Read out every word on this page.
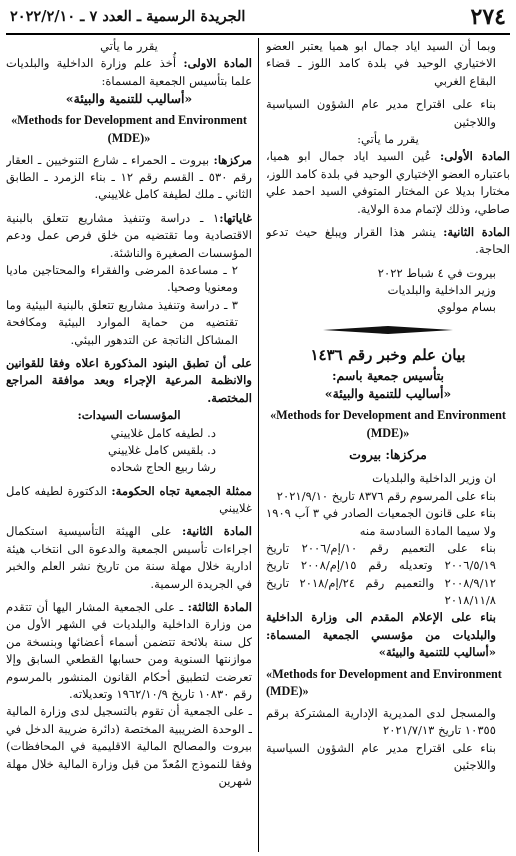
٢٧٤
الجريدة الرسمية ـ العدد ٧ ـ ٢٠٢٢/٢/١٠

وبما أن السيد اياد جمال ابو هميا يعتبر العضو الاختياري الوحيد في بلدة كامد اللوز ـ قضاء البقاع الغربي

بناء على اقتراح مدير عام الشؤون السياسية واللاجئين

يقرر ما يأتي:

المادة الأولى: عُين السيد اياد جمال ابو هميا، باعتباره العضو الإختياري الوحيد في بلدة كامد اللوز، مختارا بديلا عن المختار المتوفي السيد احمد علي صاطي، وذلك لإتمام مدة الولاية.

المادة الثانية: ينشر هذا القرار ويبلغ حيث تدعو الحاجة.

بيروت في ٤ شباط ٢٠٢٢

وزير الداخلية والبلديات

بسام مولوي

بيان علم وخبر رقم ١٤٣٦

بتأسيس جمعية باسم:

«أساليب للتنمية والبيئة»

«Methods for Development and Environment (MDE)»

مركزها: بيروت

ان وزير الداخلية والبلديات

بناء على المرسوم رقم ٨٣٧٦ تاريخ ٢٠٢١/٩/١٠

بناء على قانون الجمعيات الصادر في ٣ آب ١٩٠٩ ولا سيما المادة السادسة منه

بناء على التعميم رقم ١٠/إم/٢٠٠٦ تاريخ ٢٠٠٦/٥/١٩ وتعديله رقم ١٥/إم/٢٠٠٨ تاريخ ٢٠٠٨/٩/١٢ والتعميم رقم ٢٤/إم/٢٠١٨ تاريخ ٢٠١٨/١١/٨

بناء على الإعلام المقدم الى وزارة الداخلية والبلديات من مؤسسي الجمعية المسماة: «أساليب للتنمية والبيئة»

«Methods for Development and Environment (MDE)»

والمسجل لدى المديرية الإدارية المشتركة برقم ١٠٣٥٥ تاريخ ٢٠٢١/٧/١٣

بناء على اقتراح مدير عام الشؤون السياسية واللاجئين

يقرر ما يأتي

المادة الاولى: أُخذ علم وزارة الداخلية والبلديات علما بتأسيس الجمعية المسماة:

«أساليب للتنمية والبيئة»

«Methods for Development and Environment (MDE)»

مركزها: بيروت ـ الحمراء ـ شارع التنوخيين ـ العقار رقم ٥٣٠ ـ القسم رقم ١٢ ـ بناء الزمرد ـ الطابق الثاني ـ ملك لطيفة كامل غلاييني.

غاياتها:١ ـ دراسة وتنفيذ مشاريع تتعلق بالبنية الاقتصادية وما تقتضيه من خلق فرص عمل ودعم المؤسسات الصغيرة والناشئة.

٢ ـ مساعدة المرضى والفقراء والمحتاجين ماديا ومعنويا وصحيا.

٣ ـ دراسة وتنفيذ مشاريع تتعلق بالبنية البيئية وما تقتضيه من حماية الموارد البيئية ومكافحة المشاكل الناتجة عن التدهور البيئي.

على أن تطبق البنود المذكورة اعلاه وفقا للقوانين والانظمة المرعية الإجراء وبعد موافقة المراجع المختصة.

المؤسسات السيدات:

د. لطيفه كامل غلاييني

د. بلقيس كامل غلاييني

رشا ربيع الحاج شحاده

ممثلة الجمعية تجاه الحكومة: الدكتورة لطيفه كامل غلاييني

المادة الثانية: على الهيئة التأسيسية استكمال اجراءات تأسيس الجمعية والدعوة الى انتخاب هيئة ادارية خلال مهلة سنة من تاريخ نشر العلم والخبر في الجريدة الرسمية.

المادة الثالثة: ـ على الجمعية المشار اليها أن تتقدم من وزارة الداخلية والبلديات في الشهر الأول من كل سنة بلائحة تتضمن أسماء أعضائها وبنسخة من موازنتها السنوية ومن حسابها القطعي السابق وإلا تعرضت لتطبيق أحكام القانون المنشور بالمرسوم رقم ١٠٨٣٠ تاريخ ١٩٦٢/١٠/٩ وتعديلاته.

ـ على الجمعية أن تقوم بالتسجيل لدى وزارة المالية ـ الوحدة الضريبية المختصة (دائرة ضريبة الدخل في بيروت والمصالح المالية الاقليمية في المحافظات) وفقا للنموذج المُعدّ من قبل وزارة المالية خلال مهلة شهرين
